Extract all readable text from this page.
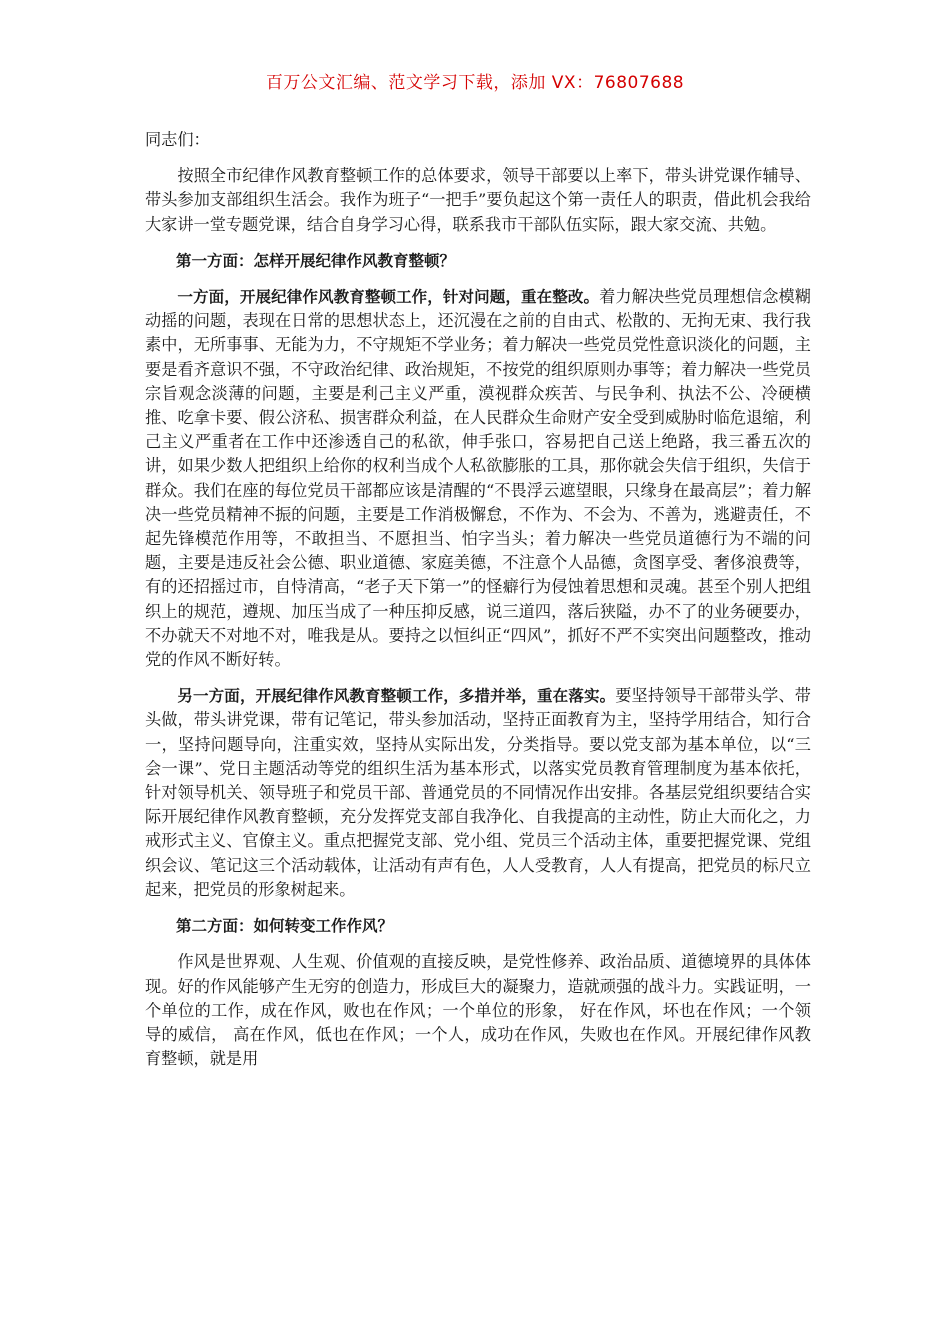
百万公文汇编、范文学习下载，添加 VX：76807688

同志们：

按照全市纪律作风教育整顿工作的总体要求，领导干部要以上率下，带头讲党课作辅导、带头参加支部组织生活会。我作为班子“一把手”要负起这个第一责任人的职责，借此机会我给大家讲一堂专题党课，结合自身学习心得，联系我市干部队伍实际，跟大家交流、共勉。

第一方面：怎样开展纪律作风教育整顿？

一方面，开展纪律作风教育整顿工作，针对问题，重在整改。着力解决些党员理想信念模糊动摇的问题，表现在日常的思想状态上，还沉漫在之前的自由式、松散的、无拘无束、我行我素中，无所事事、无能为力，不守规矩不学业务；着力解决一些党员党性意识淡化的问题，主要是看齐意识不强，不守政治纪律、政治规矩，不按党的组织原则办事等；着力解决一些党员宗旨观念淡薄的问题，主要是利己主义严重，漠视群众疾苦、与民争利、执法不公、冷硬横推、吃拿卡要、假公济私、损害群众利益，在人民群众生命财产安全受到威胁时临危退缩，利己主义严重者在工作中还渗透自己的私欲，伸手张口，容易把自己送上绝路，我三番五次的讲，如果少数人把组织上给你的权利当成个人私欲膨胀的工具，那你就会失信于组织，失信于群众。我们在座的每位党员干部都应该是清醒的“不畏浮云遮望眼，只缘身在最高层”；着力解决一些党员精神不振的问题，主要是工作消极懈怠，不作为、不会为、不善为，逃避责任，不起先锋模范作用等，不敢担当、不愿担当、怕字当头；着力解决一些党员道德行为不端的问题，主要是违反社会公德、职业道德、家庭美德，不注意个人品德，贪图享受、奢侈浪费等，有的还招摇过市，自恃清高，“老子天下第一”的怪癖行为侵蚀着思想和灵魂。甚至个别人把组织上的规范，遵规、加压当成了一种压抑反感，说三道四，落后狭隘，办不了的业务硬要办，不办就天不对地不对，唯我是从。要持之以恒纠正“四风”，抓好不严不实突出问题整改，推动党的作风不断好转。

另一方面，开展纪律作风教育整顿工作，多措并举，重在落实。要坚持领导干部带头学、带头做，带头讲党课，带有记笔记，带头参加活动，坚持正面教育为主，坚持学用结合，知行合一，坚持问题导向，注重实效，坚持从实际出发，分类指导。要以党支部为基本单位，以“三会一课”、党日主题活动等党的组织生活为基本形式，以落实党员教育管理制度为基本依托，针对领导机关、领导班子和党员干部、普通党员的不同情况作出安排。各基层党组织要结合实际开展纪律作风教育整顿，充分发挥党支部自我净化、自我提高的主动性，防止大而化之，力戒形式主义、官僚主义。重点把握党支部、党小组、党员三个活动主体，重要把握党课、党组织会议、笔记这三个活动载体，让活动有声有色，人人受教育，人人有提高，把党员的标尺立起来，把党员的形象树起来。

第二方面：如何转变工作作风？

作风是世界观、人生观、价值观的直接反映，是党性修养、政治品质、道德境界的具体体现。好的作风能够产生无穷的创造力，形成巨大的凝聚力，造就顽强的战斗力。实践证明，一个单位的工作，成在作风，败也在作风；一个单位的形象， 好在作风，坏也在作风；一个领导的威信， 高在作风，低也在作风；一个人，成功在作风，失败也在作风。开展纪律作风教育整顿，就是用
